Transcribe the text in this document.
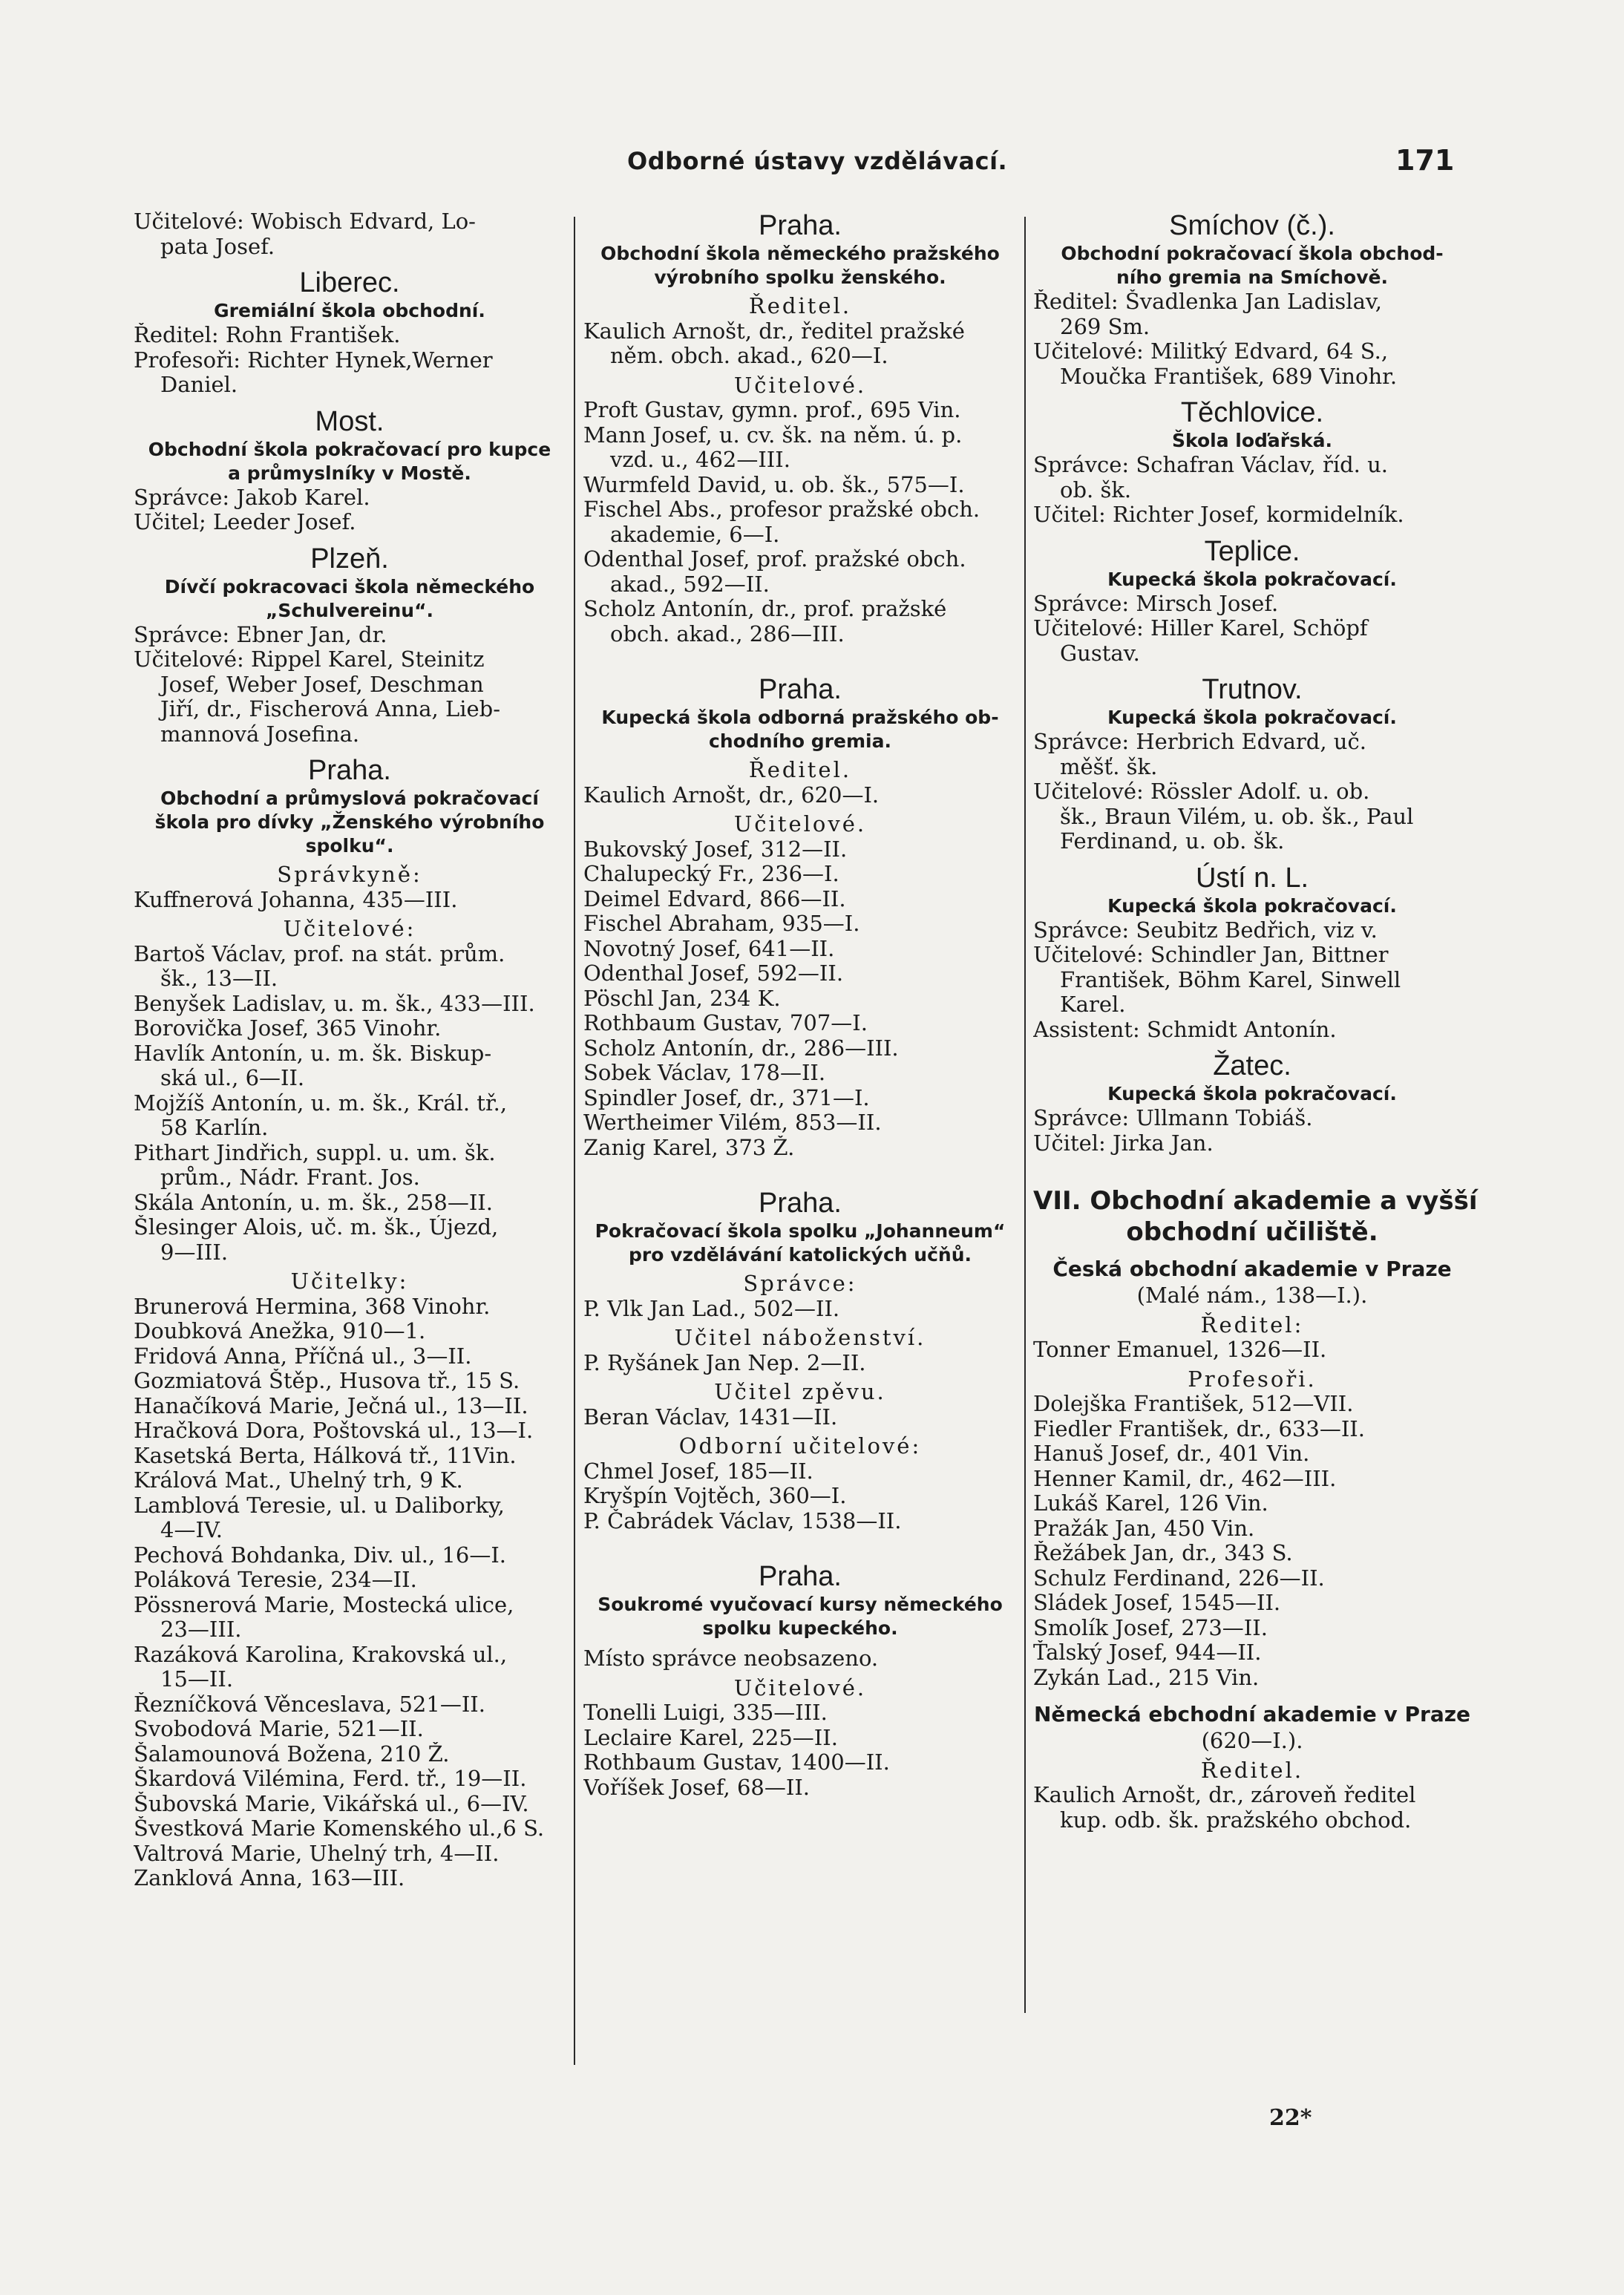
Odborné ústavy vzdělávací.	171
Učitelové: Wobisch Edvard, Lo-
pata Josef.
Liberec.
Gremiální škola obchodní.
Ředitel: Rohn František.
Profesoři: Richter Hynek,Werner
Daniel.
Most.
Obchodní škola pokračovací pro kupce
a průmyslníky v Mostě.
Správce: Jakob Karel.
Učitel; Leeder Josef.
Plzeň.
Dívčí pokracovaci škola německého
„Schulvereinu“.
Správce: Ebner Jan, dr.
Učitelové: Rippel Karel, Steinitz
Josef, Weber Josef, Deschman
Jiří, dr., Fischerová Anna, Lieb-
mannová Josefina.
Praha.
Obchodní a průmyslová pokračovací
škola pro dívky „Ženského výrobního
spolku“.
Správkyně:
Kuffnerová Johanna, 435—III.
Učitelové:
Bartoš Václav, prof. na stát. prům.
šk., 13—II.
Benyšek Ladislav, u. m. šk., 433—III.
Borovička Josef, 365 Vinohr.
Havlík Antonín, u. m. šk. Biskup-
ská ul., 6—II.
Mojžíš Antonín, u. m. šk., Král. tř.,
58 Karlín.
Pithart Jindřich, suppl. u. um. šk.
prům., Nádr. Frant. Jos.
Skála Antonín, u. m. šk., 258—II.
Šlesinger Alois, uč. m. šk., Újezd,
9—III.
Učitelky:
Brunerová Hermina, 368 Vinohr.
Doubková Anežka, 910—1.
Fridová Anna, Příčná ul., 3—II.
Gozmiatová Štěp., Husova tř., 15 S.
Hanačíková Marie, Ječná ul., 13—II.
Hračková Dora, Poštovská ul., 13—I.
Kasetská Berta, Hálková tř., 11Vin.
Králová Mat., Uhelný trh, 9 K.
Lamblová Teresie, ul. u Daliborky,
4—IV.
Pechová Bohdanka, Div. ul., 16—I.
Poláková Teresie, 234—II.
Pössnerová Marie, Mostecká ulice,
23—III.
Razáková Karolina, Krakovská ul.,
15—II.
Řezníčková Věnceslava, 521—II.
Svobodová Marie, 521—II.
Šalamounová Božena, 210 Ž.
Škardová Vilémina, Ferd. tř., 19—II.
Šubovská Marie, Vikářská ul., 6—IV.
Švestková Marie Komenského ul.,6 S.
Valtrová Marie, Uhelný trh, 4—II.
Zanklová Anna, 163—III.
Praha.
Obchodní škola německého pražského
výrobního spolku ženského.
Ředitel.
Kaulich Arnošt, dr., ředitel pražské
něm. obch. akad., 620—I.
Učitelové.
Proft Gustav, gymn. prof., 695 Vin.
Mann Josef, u. cv. šk. na něm. ú. p.
vzd. u., 462—III.
Wurmfeld David, u. ob. šk., 575—I.
Fischel Abs., profesor pražské obch.
akademie, 6—I.
Odenthal Josef, prof. pražské obch.
akad., 592—II.
Scholz Antonín, dr., prof. pražské
obch. akad., 286—III.
Praha.
Kupecká škola odborná pražského ob-
chodního gremia.
Ředitel.
Kaulich Arnošt, dr., 620—I.
Učitelové.
Bukovský Josef, 312—II.
Chalupecký Fr., 236—I.
Deimel Edvard, 866—II.
Fischel Abraham, 935—I.
Novotný Josef, 641—II.
Odenthal Josef, 592—II.
Pöschl Jan, 234 K.
Rothbaum Gustav, 707—I.
Scholz Antonín, dr., 286—III.
Sobek Václav, 178—II.
Spindler Josef, dr., 371—I.
Wertheimer Vilém, 853—II.
Zanig Karel, 373 Ž.
Praha.
Pokračovací škola spolku „Johanneum“
pro vzdělávání katolických učňů.
Správce:
P. Vlk Jan Lad., 502—II.
Učitel náboženství.
P. Ryšánek Jan Nep. 2—II.
Učitel zpěvu.
Beran Václav, 1431—II.
Odborní učitelové:
Chmel Josef, 185—II.
Kryšpín Vojtěch, 360—I.
P. Čabrádek Václav, 1538—II.
Praha.
Soukromé vyučovací kursy německého
spolku kupeckého.
Místo správce neobsazeno.
Učitelové.
Tonelli Luigi, 335—III.
Leclaire Karel, 225—II.
Rothbaum Gustav, 1400—II.
Voříšek Josef, 68—II.
Smíchov (č.).
Obchodní pokračovací škola obchod-
ního gremia na Smíchově.
Ředitel: Švadlenka Jan Ladislav,
269 Sm.
Učitelové: Militký Edvard, 64 S.,
Moučka František, 689 Vinohr.
Těchlovice.
Škola loďařská.
Správce: Schafran Václav, říd. u.
ob. šk.
Učitel: Richter Josef, kormidelník.
Teplice.
Kupecká škola pokračovací.
Správce: Mirsch Josef.
Učitelové: Hiller Karel, Schöpf
Gustav.
Trutnov.
Kupecká škola pokračovací.
Správce: Herbrich Edvard, uč.
měšť. šk.
Učitelové: Rössler Adolf. u. ob.
šk., Braun Vilém, u. ob. šk., Paul
Ferdinand, u. ob. šk.
Ústí n. L.
Kupecká škola pokračovací.
Správce: Seubitz Bedřich, viz v.
Učitelové: Schindler Jan, Bittner
František, Böhm Karel, Sinwell
Karel.
Assistent: Schmidt Antonín.
Žatec.
Kupecká škola pokračovací.
Správce: Ullmann Tobiáš.
Učitel: Jirka Jan.
VII. Obchodní akademie a vyšší
obchodní učiliště.
Česká obchodní akademie v Praze
(Malé nám., 138—I.).
Ředitel:
Tonner Emanuel, 1326—II.
Profesoři.
Dolejška František, 512—VII.
Fiedler František, dr., 633—II.
Hanuš Josef, dr., 401 Vin.
Henner Kamil, dr., 462—III.
Lukáš Karel, 126 Vin.
Pražák Jan, 450 Vin.
Řežábek Jan, dr., 343 S.
Schulz Ferdinand, 226—II.
Sládek Josef, 1545—II.
Smolík Josef, 273—II.
Ťalský Josef, 944—II.
Zykán Lad., 215 Vin.
Německá ebchodní akademie v Praze
(620—I.).
Ředitel.
Kaulich Arnošt, dr., zároveň ředitel
kup. odb. šk. pražského obchod.
22*
